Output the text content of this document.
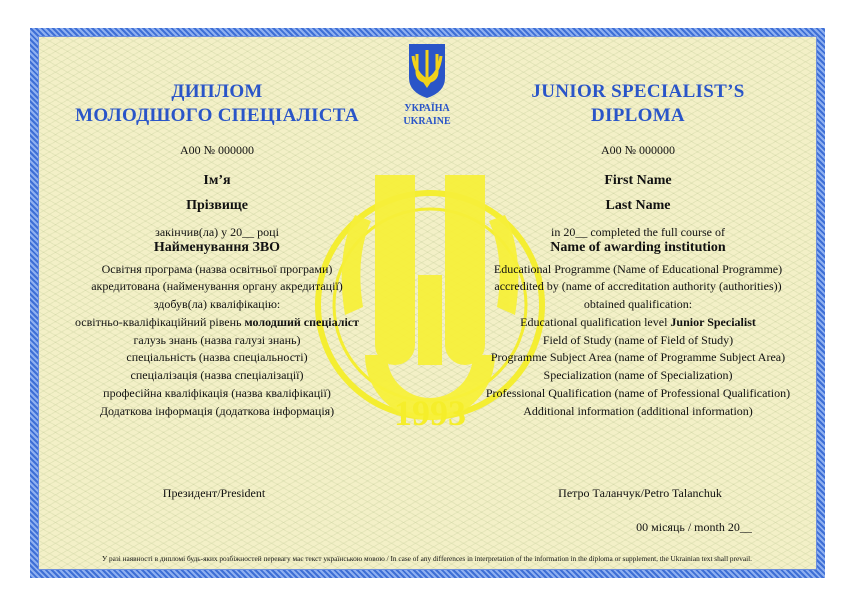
1993
УКРАЇНА
UKRAINE
ДИПЛОМ
МОЛОДШОГО СПЕЦІАЛІСТА
JUNIOR SPECIALIST’S
DIPLOMA
А00 № 000000	А00 № 000000
Ім’я
Прізвище
First Name
Last Name
закінчив(ла) у 20__ році
Найменування ЗВО
Освітня програма (назва освітньої програми)
акредитована (найменування органу акредитації)
здобув(ла) кваліфікацію:
освітньо-кваліфікаційний рівень молодший спеціаліст
галузь знань (назва галузі знань)
спеціальність (назва спеціальності)
спеціалізація (назва спеціалізації)
професійна кваліфікація (назва кваліфікації)
Додаткова інформація (додаткова інформація)
in 20__ completed the full course of
Name of awarding institution
Educational Programme (Name of Educational Programme)
accredited by (name of accreditation authority (authorities))
obtained qualification:
Educational qualification level Junior Specialist
Field of Study (name of Field of Study)
Programme Subject Area (name of Programme Subject Area)
Specialization (name of Specialization)
Professional Qualification (name of Professional Qualification)
Additional information (additional information)
Президент/President	Петро Таланчук/Petro Talanchuk
00 місяць / month 20__
У разі наявності в дипломі будь-яких розбіжностей перевагу має текст українською мовою / In case of any differences in interpretation of the information in the diploma or supplement, the Ukrainian text shall prevail.
